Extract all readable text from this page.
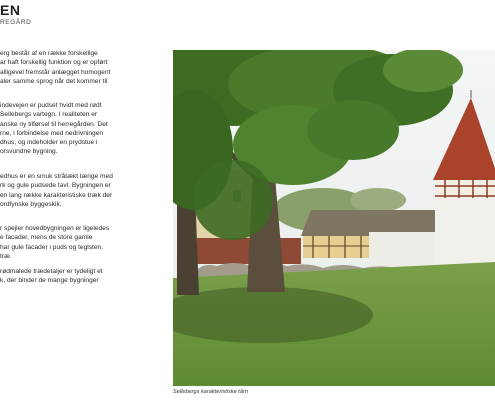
EN
REGÅRD
erg består af en række forskellige
ar haft forskellig funktion og er opført
alligevel fremstår anlægget homogent
aler samme sprog når det kommer til
indevejen er pudset hvidt med rødt
Sellebergs vartegn. I realiteten er
anske ny tilførsel til herregården. Det
rne, i forbindelse med nedrivningen
dhus, og indeholder en prydstue i
orsvundne bygning.
edhus er en smuk stråtækt længe med
rk og gule pudsede tavl. Bygningen er
en lang række karakteristiske træk der
ordfynske byggeskik.
r spejler hovedbygningen er ligeledes
e facader, mens de store gamle
har gule facader i puds og teglsten,
træ.
rødmalede trædetaljer er tydeligt et
k, der binder de mange bygninger
Sellebergs karakteristiske tårn
